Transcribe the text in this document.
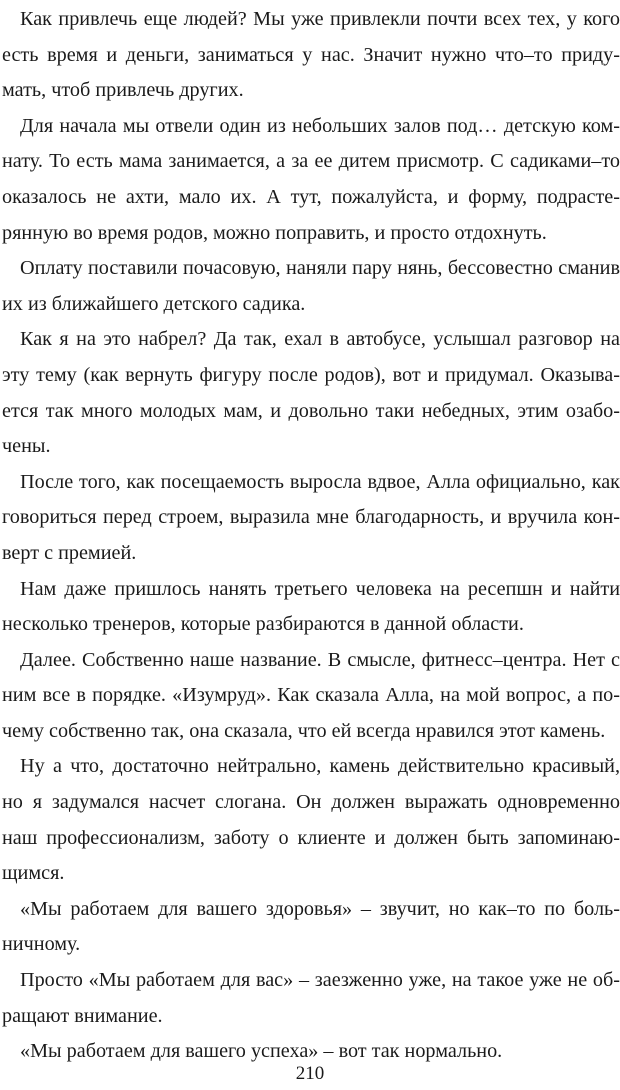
Как привлечь еще людей? Мы уже привлекли почти всех тех, у кого есть время и деньги, заниматься у нас. Значит нужно что–то придумать, чтоб привлечь других.

Для начала мы отвели один из небольших залов под… детскую комнату. То есть мама занимается, а за ее дитем присмотр. С садиками–то оказалось не ахти, мало их. А тут, пожалуйста, и форму, подрастерянную во время родов, можно поправить, и просто отдохнуть.

Оплату поставили почасовую, наняли пару нянь, бессовестно сманив их из ближайшего детского садика.

Как я на это набрел? Да так, ехал в автобусе, услышал разговор на эту тему (как вернуть фигуру после родов), вот и придумал. Оказывается так много молодых мам, и довольно таки небедных, этим озабочены.

После того, как посещаемость выросла вдвое, Алла официально, как говориться перед строем, выразила мне благодарность, и вручила конверт с премией.

Нам даже пришлось нанять третьего человека на ресепшн и найти несколько тренеров, которые разбираются в данной области.

Далее. Собственно наше название. В смысле, фитнесс–центра. Нет с ним все в порядке. «Изумруд». Как сказала Алла, на мой вопрос, а почему собственно так, она сказала, что ей всегда нравился этот камень.

Ну а что, достаточно нейтрально, камень действительно красивый, но я задумался насчет слогана. Он должен выражать одновременно наш профессионализм, заботу о клиенте и должен быть запоминающимся.

«Мы работаем для вашего здоровья» – звучит, но как–то по больничному.

Просто «Мы работаем для вас» – заезженно уже, на такое уже не обращают внимание.

«Мы работаем для вашего успеха» – вот так нормально.

210
